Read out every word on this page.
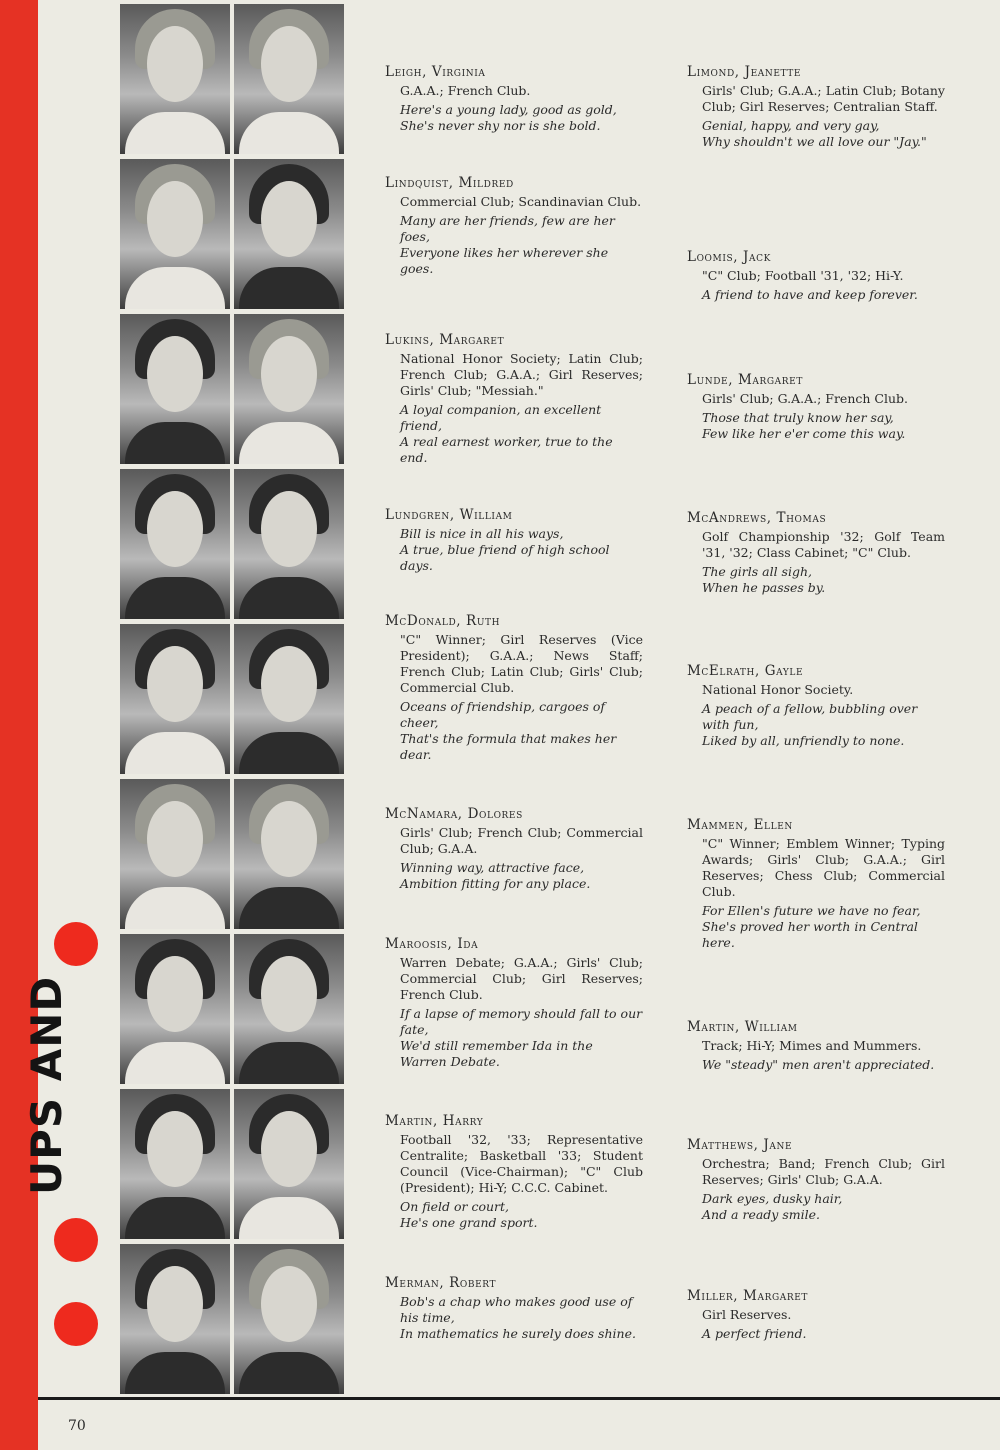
UPS AND
Leigh, Virginia
G.A.A.; French Club.
Here's a young lady, good as gold,
She's never shy nor is she bold.
Lindquist, Mildred
Commercial Club; Scandinavian Club.
Many are her friends, few are her foes,
Everyone likes her wherever she goes.
Lukins, Margaret
National Honor Society; Latin Club; French Club; G.A.A.; Girl Reserves; Girls' Club; "Messiah."
A loyal companion, an excellent friend,
A real earnest worker, true to the end.
Lundgren, William
Bill is nice in all his ways,
A true, blue friend of high school days.
McDonald, Ruth
"C" Winner; Girl Reserves (Vice President); G.A.A.; News Staff; French Club; Latin Club; Girls' Club; Commercial Club.
Oceans of friendship, cargoes of cheer,
That's the formula that makes her dear.
McNamara, Dolores
Girls' Club; French Club; Commercial Club; G.A.A.
Winning way, attractive face,
Ambition fitting for any place.
Maroosis, Ida
Warren Debate; G.A.A.; Girls' Club; Commercial Club; Girl Reserves; French Club.
If a lapse of memory should fall to our fate,
We'd still remember Ida in the Warren Debate.
Martin, Harry
Football '32, '33; Representative Centralite; Basketball '33; Student Council (Vice-Chairman); "C" Club (President); Hi-Y; C.C.C. Cabinet.
On field or court,
He's one grand sport.
Merman, Robert
Bob's a chap who makes good use of his time,
In mathematics he surely does shine.
Limond, Jeanette
Girls' Club; G.A.A.; Latin Club; Botany Club; Girl Reserves; Centralian Staff.
Genial, happy, and very gay,
Why shouldn't we all love our "Jay."
Loomis, Jack
"C" Club; Football '31, '32; Hi-Y.
A friend to have and keep forever.
Lunde, Margaret
Girls' Club; G.A.A.; French Club.
Those that truly know her say,
Few like her e'er come this way.
McAndrews, Thomas
Golf Championship '32; Golf Team '31, '32; Class Cabinet; "C" Club.
The girls all sigh,
When he passes by.
McElrath, Gayle
National Honor Society.
A peach of a fellow, bubbling over with fun,
Liked by all, unfriendly to none.
Mammen, Ellen
"C" Winner; Emblem Winner; Typing Awards; Girls' Club; G.A.A.; Girl Reserves; Chess Club; Commercial Club.
For Ellen's future we have no fear,
She's proved her worth in Central here.
Martin, William
Track; Hi-Y; Mimes and Mummers.
We "steady" men aren't appreciated.
Matthews, Jane
Orchestra; Band; French Club; Girl Reserves; Girls' Club; G.A.A.
Dark eyes, dusky hair,
And a ready smile.
Miller, Margaret
Girl Reserves.
A perfect friend.
70
